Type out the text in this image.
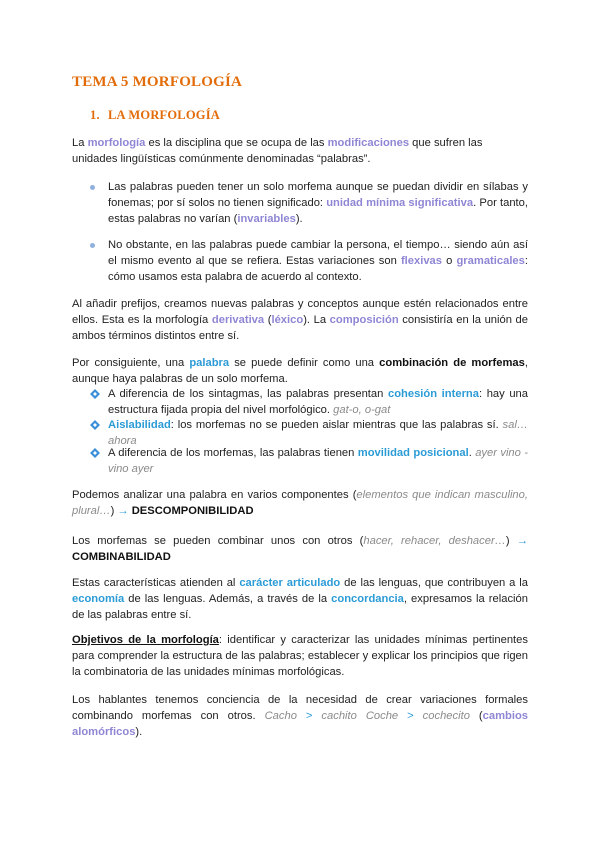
TEMA 5 MORFOLOGÍA
1. LA MORFOLOGÍA
La morfología es la disciplina que se ocupa de las modificaciones que sufren las unidades lingüísticas comúnmente denominadas “palabras”.
Las palabras pueden tener un solo morfema aunque se puedan dividir en sílabas y fonemas; por sí solos no tienen significado: unidad mínima significativa. Por tanto, estas palabras no varían (invariables).
No obstante, en las palabras puede cambiar la persona, el tiempo… siendo aún así el mismo evento al que se refiera. Estas variaciones son flexivas o gramaticales: cómo usamos esta palabra de acuerdo al contexto.
Al añadir prefijos, creamos nuevas palabras y conceptos aunque estén relacionados entre ellos. Esta es la morfología derivativa (léxico). La composición consistiría en la unión de ambos términos distintos entre sí.
Por consiguiente, una palabra se puede definir como una combinación de morfemas, aunque haya palabras de un solo morfema.
A diferencia de los sintagmas, las palabras presentan cohesión interna: hay una estructura fijada propia del nivel morfológico. gat-o, o-gat
Aislabilidad: los morfemas no se pueden aislar mientras que las palabras sí. sal…ahora
A diferencia de los morfemas, las palabras tienen movilidad posicional. ayer vino - vino ayer
Podemos analizar una palabra en varios componentes (elementos que indican masculino, plural…) → DESCOMPONIBILIDAD
Los morfemas se pueden combinar unos con otros (hacer, rehacer, deshacer…) → COMBINABILIDAD
Estas características atienden al carácter articulado de las lenguas, que contribuyen a la economía de las lenguas. Además, a través de la concordancia, expresamos la relación de las palabras entre sí.
Objetivos de la morfología: identificar y caracterizar las unidades mínimas pertinentes para comprender la estructura de las palabras; establecer y explicar los principios que rigen la combinatoria de las unidades mínimas morfológicas.
Los hablantes tenemos conciencia de la necesidad de crear variaciones formales combinando morfemas con otros. Cacho > cachito Coche > cochecito (cambios alomórficos).
